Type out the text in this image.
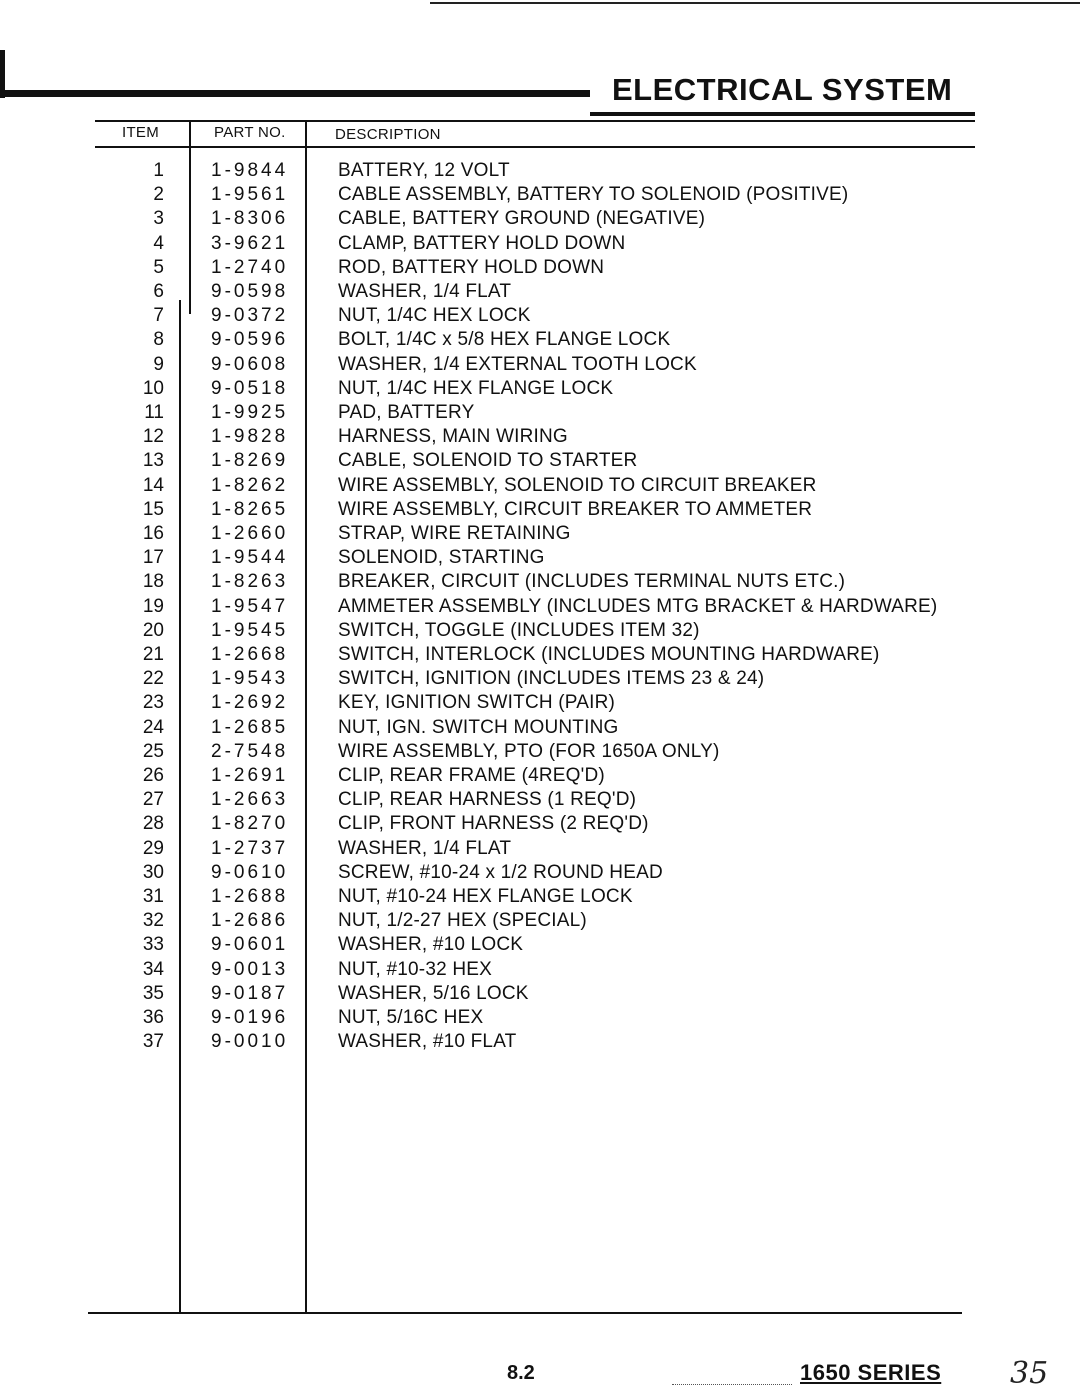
ELECTRICAL SYSTEM
ITEM	PART NO.	DESCRIPTION
1 1-9844	BATTERY, 12 VOLT
2 1-9561	CABLE ASSEMBLY, BATTERY TO SOLENOID (POSITIVE)
3 1-8306	CABLE, BATTERY GROUND (NEGATIVE)
4 3-9621	CLAMP, BATTERY HOLD DOWN
5 1-2740	ROD, BATTERY HOLD DOWN
6 9-0598	WASHER, 1/4 FLAT
7 9-0372	NUT, 1/4C HEX LOCK
8 9-0596	BOLT, 1/4C x 5/8 HEX FLANGE LOCK
9 9-0608	WASHER, 1/4 EXTERNAL TOOTH LOCK
10 9-0518	NUT, 1/4C HEX FLANGE LOCK
11 1-9925	PAD, BATTERY
12 1-9828	HARNESS, MAIN WIRING
13 1-8269	CABLE, SOLENOID TO STARTER
14 1-8262	WIRE ASSEMBLY, SOLENOID TO CIRCUIT BREAKER
15 1-8265	WIRE ASSEMBLY, CIRCUIT BREAKER TO AMMETER
16 1-2660	STRAP, WIRE RETAINING
17 1-9544	SOLENOID, STARTING
18 1-8263	BREAKER, CIRCUIT (INCLUDES TERMINAL NUTS ETC.)
19 1-9547	AMMETER ASSEMBLY (INCLUDES MTG BRACKET & HARDWARE)
20 1-9545	SWITCH, TOGGLE (INCLUDES ITEM 32)
21 1-2668	SWITCH, INTERLOCK (INCLUDES MOUNTING HARDWARE)
22 1-9543	SWITCH, IGNITION (INCLUDES ITEMS 23 & 24)
23 1-2692	KEY, IGNITION SWITCH (PAIR)
24 1-2685	NUT, IGN. SWITCH MOUNTING
25 2-7548	WIRE ASSEMBLY, PTO (FOR 1650A ONLY)
26 1-2691	CLIP, REAR FRAME (4REQ'D)
27 1-2663	CLIP, REAR HARNESS (1 REQ'D)
28 1-8270	CLIP, FRONT HARNESS (2 REQ'D)
29 1-2737	WASHER, 1/4 FLAT
30 9-0610	SCREW, #10-24 x 1/2 ROUND HEAD
31 1-2688	NUT, #10-24 HEX FLANGE LOCK
32 1-2686	NUT, 1/2-27 HEX (SPECIAL)
33 9-0601	WASHER, #10 LOCK
34 9-0013	NUT, #10-32 HEX
35 9-0187	WASHER, 5/16 LOCK
36 9-0196	NUT, 5/16C HEX
37 9-0010	WASHER, #10 FLAT
8.2	1650 SERIES 35
